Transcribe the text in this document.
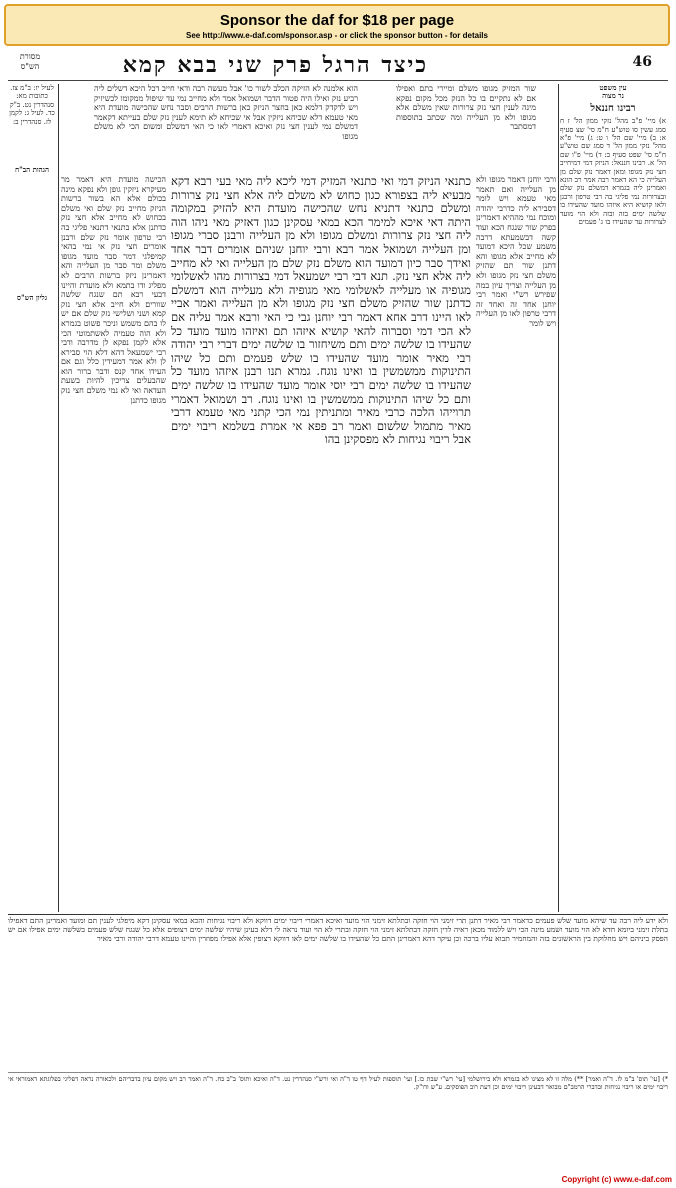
Sponsor the daf for $18 per page
See http://www.e-daf.com/sponsor.asp - or click the sponsor button - for details
כיצד הרגל פרק שני בבא קמא	46
מסורת
הש"ס

הוא אלמנה לא הזיקה הכלב לשור כו' אבל מעשה רבה ודאי חייב דכל היכא דשלים ליה רביע נזק ואילו היה פטור הדבר ושמואל אמר ולא מחייב נמי עד שיפול ממקומו לכשיזיק ויש לדקדק דלמא כאן בחצר הניזק כאן ברשות הרבים וסבר נחש שהכישה מועדת היא מאי טעמא דלא שכיחא ניזקין אבל אי שכיחא לא תימא לענין נזק שלם בעייתא דקאמר דמשלם נמי לענין חצי נזק ואיכא דאמרי לאו כי האי דמשלם ומשום הכי לא משלם מגופו

שור המזיק מגופו משלם ומיירי בתם ואפילו אם לא נתקיים בו כל הנזק מכל מקום נפקא מינה לענין חצי נזק צרורות שאין משלם אלא מגופו ולא מן העלייה ומה שכתב בתוספות דמסתבר

כתנאי הניזק דמי ואי כתנאי המזיק דמי ליכא ליה מאי בעי רבא דקא מבעיא ליה בצפורא כגון כחוש לא משלם ליה אלא חצי נזק צרורות ומשלם כתנאי דתניא נחש שהכישה מועדת היא להזיק במקומה היתה דאי איכא למימר הכא במאי עסקינן כגון דאזיק מאי ניהו הוה ליה חצי נזק צרורות ומשלם מגופו ולא מן העלייה ורבנן סברי מגופו ומן העלייה ושמואל אמר רבא ורבי יוחנן שניהם אומרים דבר אחד ואידך סבר כיון דמועד הוא משלם נזק שלם מן העלייה ואי לא מחייב ליה אלא חצי נזק. תנא דבי רבי ישמעאל דמי בצרורות מהו לאשלומי מגופיה או מעלייה לאשלומי מאי מגופיה ולא מעלייה הוא דמשלם כדתנן שור שהזיק משלם חצי נזק מגופו ולא מן העלייה ואמר אביי לאו היינו דרב אחא דאמר רבי יוחנן גבי כי האי ורבא אמר עליה אם לא הכי דמי וסברוה להאי קושיא איזהו תם ואיזהו מועד מועד כל שהעידו בו שלשה ימים ותם משיחזור בו שלשה ימים דברי רבי יהודה רבי מאיר אומר מועד שהעידו בו שלש פעמים ותם כל שיהו התינוקות ממשמשין בו ואינו נוגח. גמרא תנו רבנן איזהו מועד כל שהעידו בו שלשה ימים רבי יוסי אומר מועד שהעידו בו שלשה ימים ותם כל שיהו התינוקות ממשמשין בו ואינו נוגח. רב ושמואל דאמרי תרוייהו הלכה כרבי מאיר ומתניתין נמי הכי קתני מאי טעמא דרבי מאיר מתמול שלשום ואמר רב פפא אי אמרת בשלמא ריבוי ימים אבל ריבוי נגיחות לא מפסקינן בהו

הכישה מועדת היא דאמר מר מעיקרא ניזקין גופן ולא נפקא מינה בכולם אלא הא בשור ברשות הניזק מחייב נזק שלם ואי משלם בכחוש לא מחייב אלא חצי נזק כדתנן אלא בתנאי דתנאי פליגי בה רבי טרפון אומר נזק שלם ורבנן אומרים חצי נזק אי נמי בהאי קמיפלגי דמר סבר מועד מגופו משלם ומר סבר מן העלייה והא דאמרינן ניזק ברשות הרבים לא מפליג ודו בתמא ולא מועדת והיינו דבעי רבא תם שנגח שלשה שוורים ולא חייב אלא חצי נזק קמא ושני ושלישי נזק שלם אם יש לו בהם משמש וניכר פשוט בגמרא ולא הוה טעמיה לאשתמוטי הכי אלא לקמן נפקא לן מדרבה ודבי רבי ישמעאל דהא דלא הוי סבירא לן ולא אמר דמעידין כלל וגם אם העידו אחד קנס ודבר ברור הוא שהבעלים צריכין להיות בשעת העדאה ואי לא נמי משלם חצי נזק מגופו כדתנן

ורבי יוחנן דאמר מגופו ולא מן העלייה ואם תאמר מאי טעמא ויש לומר דסבירא ליה כדרבי יהודה ומוכח נמי מההיא דאמרינן בפרק שור שנגח הכא ועוד קשה דבשמעתא דרבה משמע שכל היכא דמועד לא מחייב אלא מגופו והא דתנן שור תם שהזיק משלם חצי נזק מגופו ולא מן העלייה וצריך עיון במה שפירש רש"י ואמר רבי יוחנן אחד זה ואחד זה דרבי טרפון לאו מן העלייה ויש לומר

עין משפט
נר מצוה

רבינו חננאל

א) מיי' פ"ב מהל' נזקי ממון הל' ז ח סמג עשין סו טוש"ע ח"מ סי' שצ סעיף א: ב) מיי' שם הל' ו ט: ג) מיי' פ"א מהל' נזקי ממון הל' ד סמג שם טוש"ע ח"מ סי' שפט סעיף ב: ד) מיי' פ"ו שם הל' א. רבינו חננאל: הניזק דמי דמיחייב חצי נזק מגופו ומאן דאמר נזק שלם מן העלייה כי הא דאמר רבה אמר רב הונא ואמרינן ליה בגמרא דמשלם נזק שלם ובצרורות נמי פליגי בה רבי טרפון ורבנן ולאו קושיא היא איזהו מועד שהעידו בו שלשה ימים בזה ובזה ולא הוי מועד לצרורות עד שהעידו בו ג' פעמים

לעיל יז: ב"מ צז. כתובות מא: סנהדרין נט. ב"ק כד. לעיל ג: לקמן לז. סנהדרין ב:

הגהות הב"ח

גליון הש"ס

ולא ידע ליה רבה עד שיהא מועד שלש פעמים כדאמר רבי מאיר דתנן תרי זימני הוי חזקה ובתלתא זימני הוי מועד ואיכא דאמרי ריבוי ימים דווקא ולא ריבוי נגיחות והכא במאי עסקינן דקא מיפלגי לענין תם ומועד ואמרינן התם דאפילו בתלת זימני ביומא חדא לא הוי מועד ושמע מינה הכי ויש ללמוד מכאן ראיה לדין חזקה דבתלתא זימני הוי חזקה ובתרי לא הוי ועוד נראה לי דלא בעינן שיהיו שלשה ימים רצופים אלא כל שנגח שלש פעמים בשלשה ימים אפילו אם יש הפסק ביניהם ויש מחלוקת בין הראשונים בזה והמחמיר תבוא עליו ברכה וכן עיקר דהא דאמרינן התם כל שהעידו בו שלשה ימים לאו דווקא רצופין אלא אפילו מפוזרין והיינו טעמא דרבי יהודה ורבי מאיר

*) [עי' תוס' ב"מ לז. ד"ה ואמר] **) מלה זו לא מצינו לא בגמרא ולא בירושלמי [עי' רש"י שבת כז.] ועי' תוספות לעיל דף טו ד"ה ואי ורש"י סנהדרין נט. ד"ה ואיכא ותוס' ב"ב כח. ד"ה ואמר רב ויש מקום עיון בדבריהם ולכאורה נראה דפליגי בפלוגתא דאמוראי אי ריבוי ימים או ריבוי נגיחות ובדברי הרמב"ם מבואר דבעינן ריבוי ימים וכן דעת רוב הפוסקים. ע"ש ודו"ק.
Copyright (c) www.e-daf.com
